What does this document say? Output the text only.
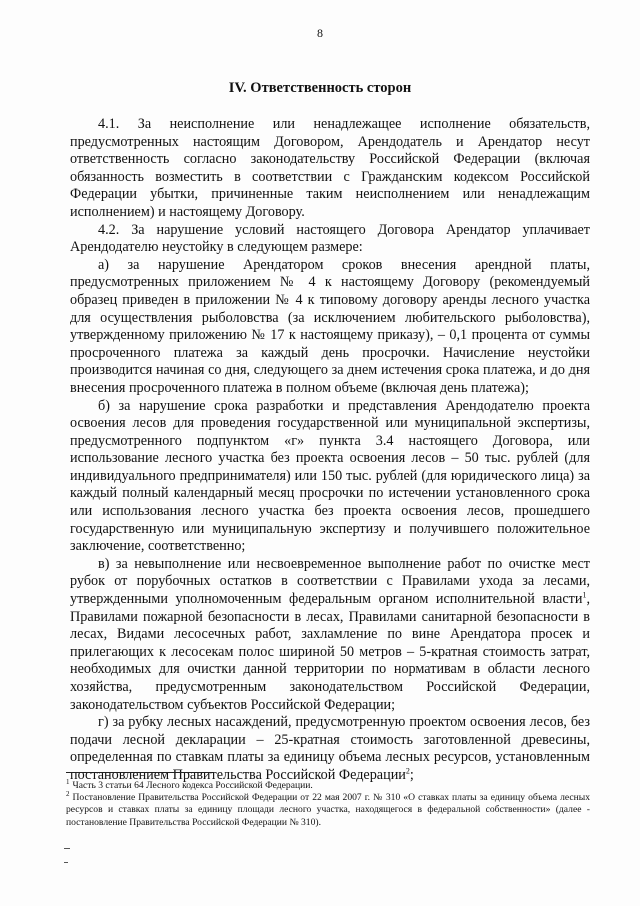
8
IV. Ответственность сторон

4.1. За неисполнение или ненадлежащее исполнение обязательств, предусмотренных настоящим Договором, Арендодатель и Арендатор несут ответственность согласно законодательству Российской Федерации (включая обязанность возместить в соответствии с Гражданским кодексом Российской Федерации убытки, причиненные таким неисполнением или ненадлежащим исполнением) и настоящему Договору.

4.2. За нарушение условий настоящего Договора Арендатор уплачивает Арендодателю неустойку в следующем размере:

а) за нарушение Арендатором сроков внесения арендной платы, предусмотренных приложением № 4 к настоящему Договору (рекомендуемый образец приведен в приложении № 4 к типовому договору аренды лесного участка для осуществления рыболовства (за исключением любительского рыболовства), утвержденному приложению № 17 к настоящему приказу), – 0,1 процента от суммы просроченного платежа за каждый день просрочки. Начисление неустойки производится начиная со дня, следующего за днем истечения срока платежа, и до дня внесения просроченного платежа в полном объеме (включая день платежа);

б) за нарушение срока разработки и представления Арендодателю проекта освоения лесов для проведения государственной или муниципальной экспертизы, предусмотренного подпунктом «г» пункта 3.4 настоящего Договора, или использование лесного участка без проекта освоения лесов – 50 тыс. рублей (для индивидуального предпринимателя) или 150 тыс. рублей (для юридического лица) за каждый полный календарный месяц просрочки по истечении установленного срока или использования лесного участка без проекта освоения лесов, прошедшего государственную или муниципальную экспертизу и получившего положительное заключение, соответственно;

в) за невыполнение или несвоевременное выполнение работ по очистке мест рубок от порубочных остатков в соответствии с Правилами ухода за лесами, утвержденными уполномоченным федеральным органом исполнительной власти$^1$, Правилами пожарной безопасности в лесах, Правилами санитарной безопасности в лесах, Видами лесосечных работ, захламление по вине Арендатора просек и прилегающих к лесосекам полос шириной 50 метров – 5-кратная стоимость затрат, необходимых для очистки данной территории по нормативам в области лесного хозяйства, предусмотренным законодательством Российской Федерации, законодательством субъектов Российской Федерации;

г) за рубку лесных насаждений, предусмотренную проектом освоения лесов, без подачи лесной декларации – 25-кратная стоимость заготовленной древесины, определенная по ставкам платы за единицу объема лесных ресурсов, установленным постановлением Правительства Российской Федерации$^2$;

$^1$ Часть 3 статьи 64 Лесного кодекса Российской Федерации.

$^2$ Постановление Правительства Российской Федерации от 22 мая 2007 г. № 310 «О ставках платы за единицу объема лесных ресурсов и ставках платы за единицу площади лесного участка, находящегося в федеральной собственности» (далее - постановление Правительства Российской Федерации № 310).
